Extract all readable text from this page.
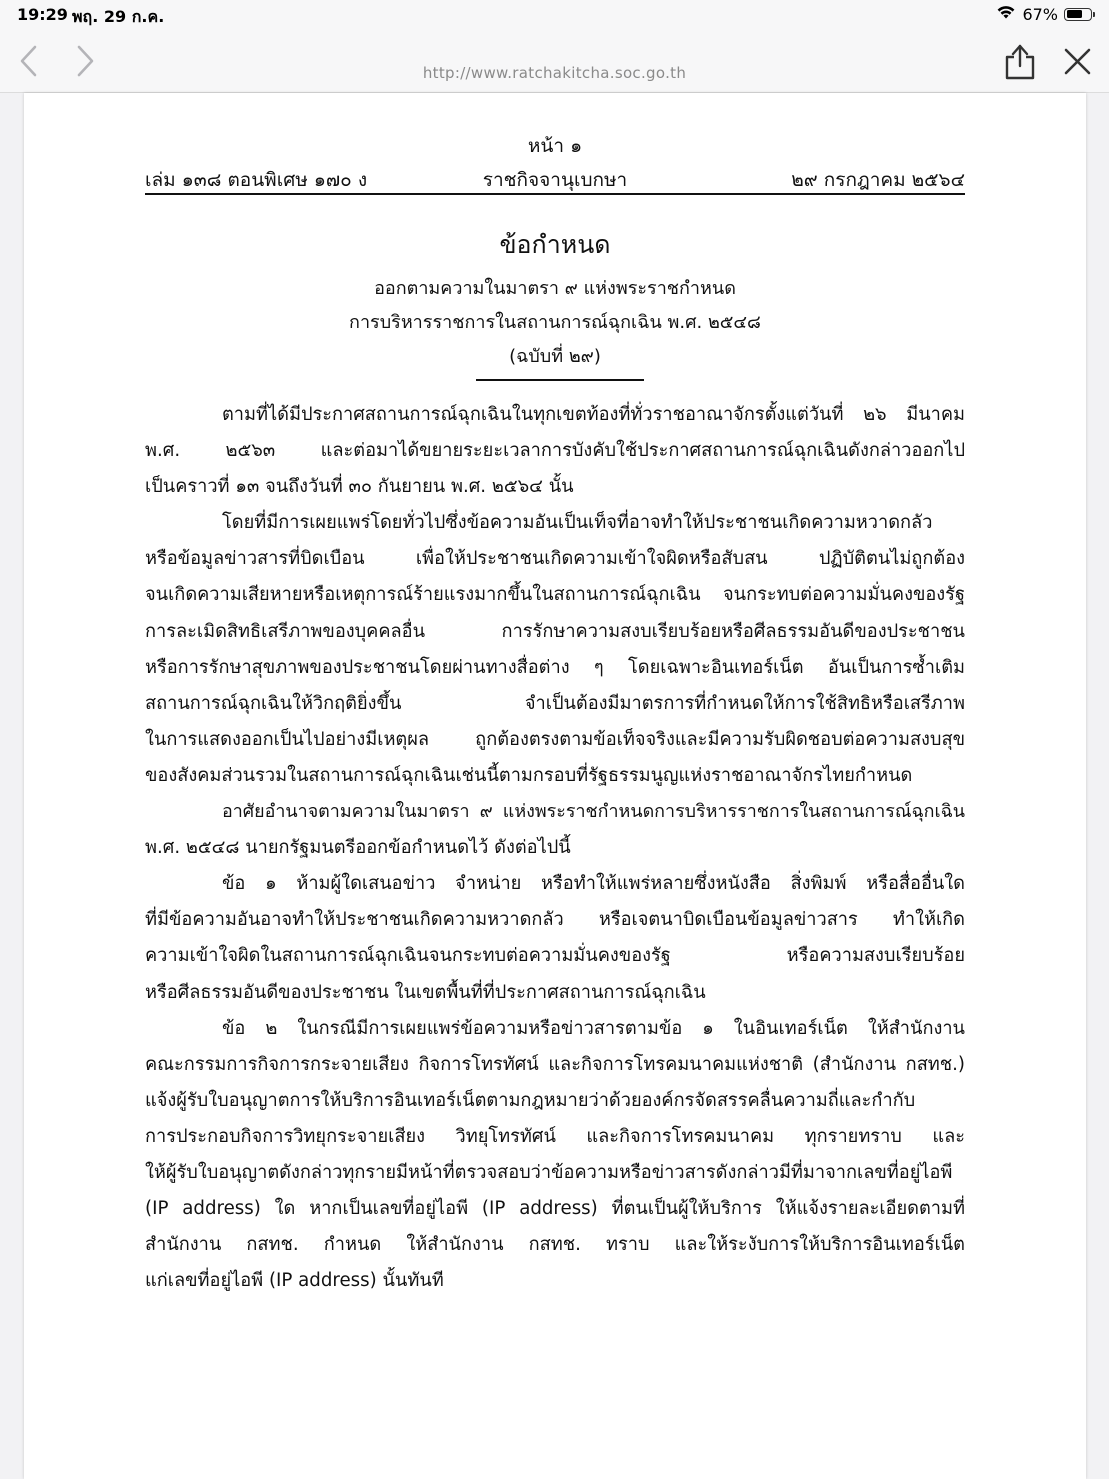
19:29 พฤ. 29 ก.ค.	67%
http://www.ratchakitcha.soc.go.th
หน้า ๑
ราชกิจจานุเบกษา
เล่ม ๑๓๘ ตอนพิเศษ ๑๗๐ ง	๒๙ กรกฎาคม ๒๕๖๔
ข้อกำหนด
ออกตามความในมาตรา ๙ แห่งพระราชกำหนด
การบริหารราชการในสถานการณ์ฉุกเฉิน พ.ศ. ๒๕๔๘
(ฉบับที่ ๒๙)
ตามที่ได้มีประกาศสถานการณ์ฉุกเฉินในทุกเขตท้องที่ทั่วราชอาณาจักรตั้งแต่วันที่ ๒๖ มีนาคม
พ.ศ. ๒๕๖๓ และต่อมาได้ขยายระยะเวลาการบังคับใช้ประกาศสถานการณ์ฉุกเฉินดังกล่าวออกไป
เป็นคราวที่ ๑๓ จนถึงวันที่ ๓๐ กันยายน พ.ศ. ๒๕๖๔ นั้น
โดยที่มีการเผยแพร่โดยทั่วไปซึ่งข้อความอันเป็นเท็จที่อาจทำให้ประชาชนเกิดความหวาดกลัว
หรือข้อมูลข่าวสารที่บิดเบือน เพื่อให้ประชาชนเกิดความเข้าใจผิดหรือสับสน ปฏิบัติตนไม่ถูกต้อง
จนเกิดความเสียหายหรือเหตุการณ์ร้ายแรงมากขึ้นในสถานการณ์ฉุกเฉิน จนกระทบต่อความมั่นคงของรัฐ
การละเมิดสิทธิเสรีภาพของบุคคลอื่น การรักษาความสงบเรียบร้อยหรือศีลธรรมอันดีของประชาชน
หรือการรักษาสุขภาพของประชาชนโดยผ่านทางสื่อต่าง ๆ โดยเฉพาะอินเทอร์เน็ต อันเป็นการซ้ำเติม
สถานการณ์ฉุกเฉินให้วิกฤติยิ่งขึ้น จำเป็นต้องมีมาตรการที่กำหนดให้การใช้สิทธิหรือเสรีภาพ
ในการแสดงออกเป็นไปอย่างมีเหตุผล ถูกต้องตรงตามข้อเท็จจริงและมีความรับผิดชอบต่อความสงบสุข
ของสังคมส่วนรวมในสถานการณ์ฉุกเฉินเช่นนี้ตามกรอบที่รัฐธรรมนูญแห่งราชอาณาจักรไทยกำหนด
อาศัยอำนาจตามความในมาตรา ๙ แห่งพระราชกำหนดการบริหารราชการในสถานการณ์ฉุกเฉิน
พ.ศ. ๒๕๔๘ นายกรัฐมนตรีออกข้อกำหนดไว้ ดังต่อไปนี้
ข้อ ๑ ห้ามผู้ใดเสนอข่าว จำหน่าย หรือทำให้แพร่หลายซึ่งหนังสือ สิ่งพิมพ์ หรือสื่ออื่นใด
ที่มีข้อความอันอาจทำให้ประชาชนเกิดความหวาดกลัว หรือเจตนาบิดเบือนข้อมูลข่าวสาร ทำให้เกิด
ความเข้าใจผิดในสถานการณ์ฉุกเฉินจนกระทบต่อความมั่นคงของรัฐ หรือความสงบเรียบร้อย
หรือศีลธรรมอันดีของประชาชน ในเขตพื้นที่ที่ประกาศสถานการณ์ฉุกเฉิน
ข้อ ๒ ในกรณีมีการเผยแพร่ข้อความหรือข่าวสารตามข้อ ๑ ในอินเทอร์เน็ต ให้สำนักงาน
คณะกรรมการกิจการกระจายเสียง กิจการโทรทัศน์ และกิจการโทรคมนาคมแห่งชาติ (สำนักงาน กสทช.)
แจ้งผู้รับใบอนุญาตการให้บริการอินเทอร์เน็ตตามกฎหมายว่าด้วยองค์กรจัดสรรคลื่นความถี่และกำกับ
การประกอบกิจการวิทยุกระจายเสียง วิทยุโทรทัศน์ และกิจการโทรคมนาคม ทุกรายทราบ และ
ให้ผู้รับใบอนุญาตดังกล่าวทุกรายมีหน้าที่ตรวจสอบว่าข้อความหรือข่าวสารดังกล่าวมีที่มาจากเลขที่อยู่ไอพี
(IP address) ใด หากเป็นเลขที่อยู่ไอพี (IP address) ที่ตนเป็นผู้ให้บริการ ให้แจ้งรายละเอียดตามที่
สำนักงาน กสทช. กำหนด ให้สำนักงาน กสทช. ทราบ และให้ระงับการให้บริการอินเทอร์เน็ต
แก่เลขที่อยู่ไอพี (IP address) นั้นทันที
